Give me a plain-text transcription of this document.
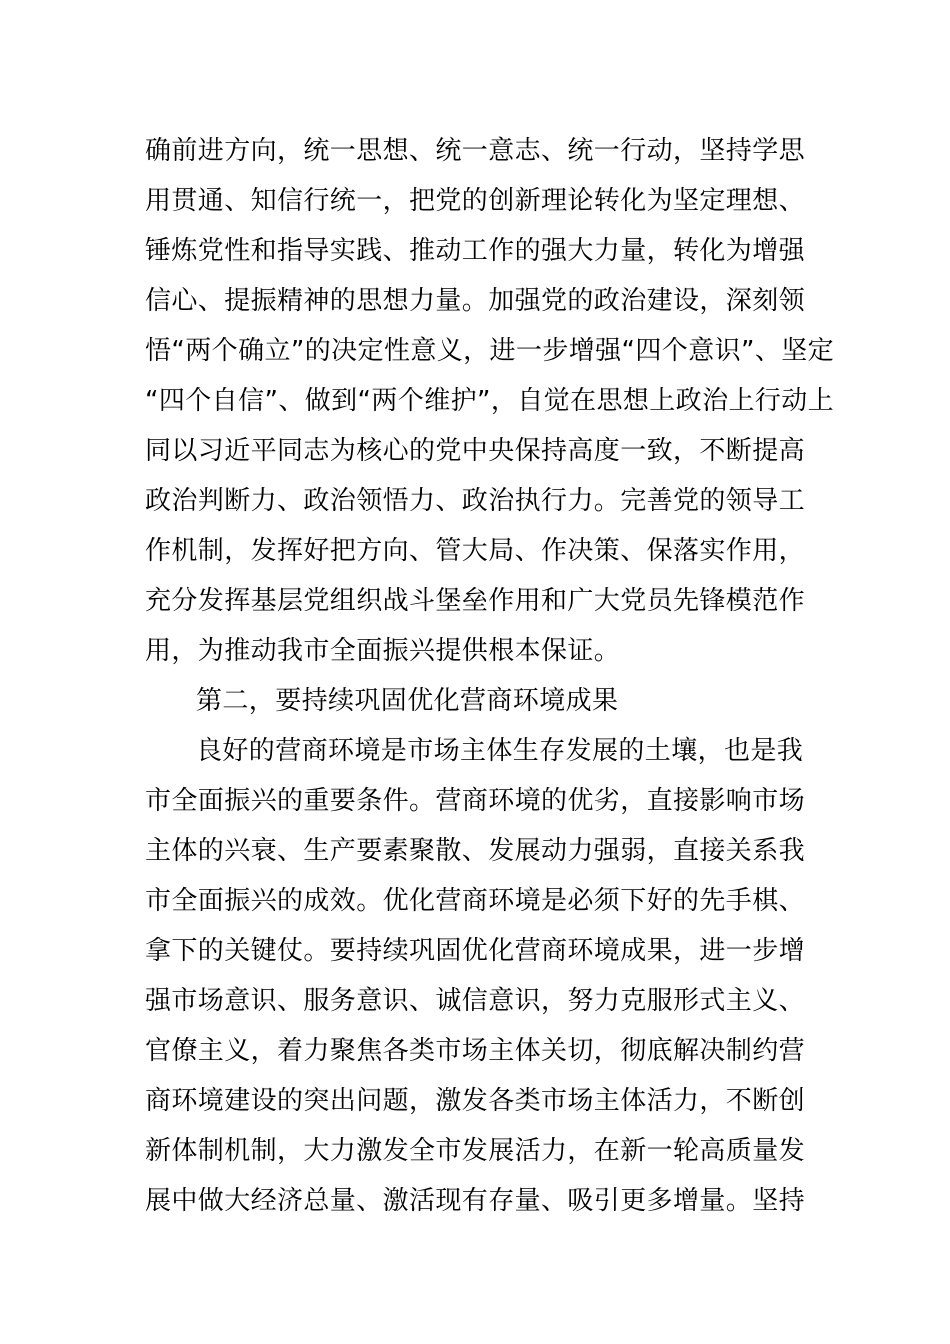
确前进方向，统一思想、统一意志、统一行动，坚持学思
用贯通、知信行统一，把党的创新理论转化为坚定理想、
锤炼党性和指导实践、推动工作的强大力量，转化为增强
信心、提振精神的思想力量。加强党的政治建设，深刻领
悟“两个确立”的决定性意义，进一步增强“四个意识”、坚定
“四个自信”、做到“两个维护”，自觉在思想上政治上行动上
同以习近平同志为核心的党中央保持高度一致，不断提高
政治判断力、政治领悟力、政治执行力。完善党的领导工
作机制，发挥好把方向、管大局、作决策、保落实作用，
充分发挥基层党组织战斗堡垒作用和广大党员先锋模范作
用，为推动我市全面振兴提供根本保证。
第二，要持续巩固优化营商环境成果
良好的营商环境是市场主体生存发展的土壤，也是我
市全面振兴的重要条件。营商环境的优劣，直接影响市场
主体的兴衰、生产要素聚散、发展动力强弱，直接关系我
市全面振兴的成效。优化营商环境是必须下好的先手棋、
拿下的关键仗。要持续巩固优化营商环境成果，进一步增
强市场意识、服务意识、诚信意识，努力克服形式主义、
官僚主义，着力聚焦各类市场主体关切，彻底解决制约营
商环境建设的突出问题，激发各类市场主体活力，不断创
新体制机制，大力激发全市发展活力，在新一轮高质量发
展中做大经济总量、激活现有存量、吸引更多增量。坚持
